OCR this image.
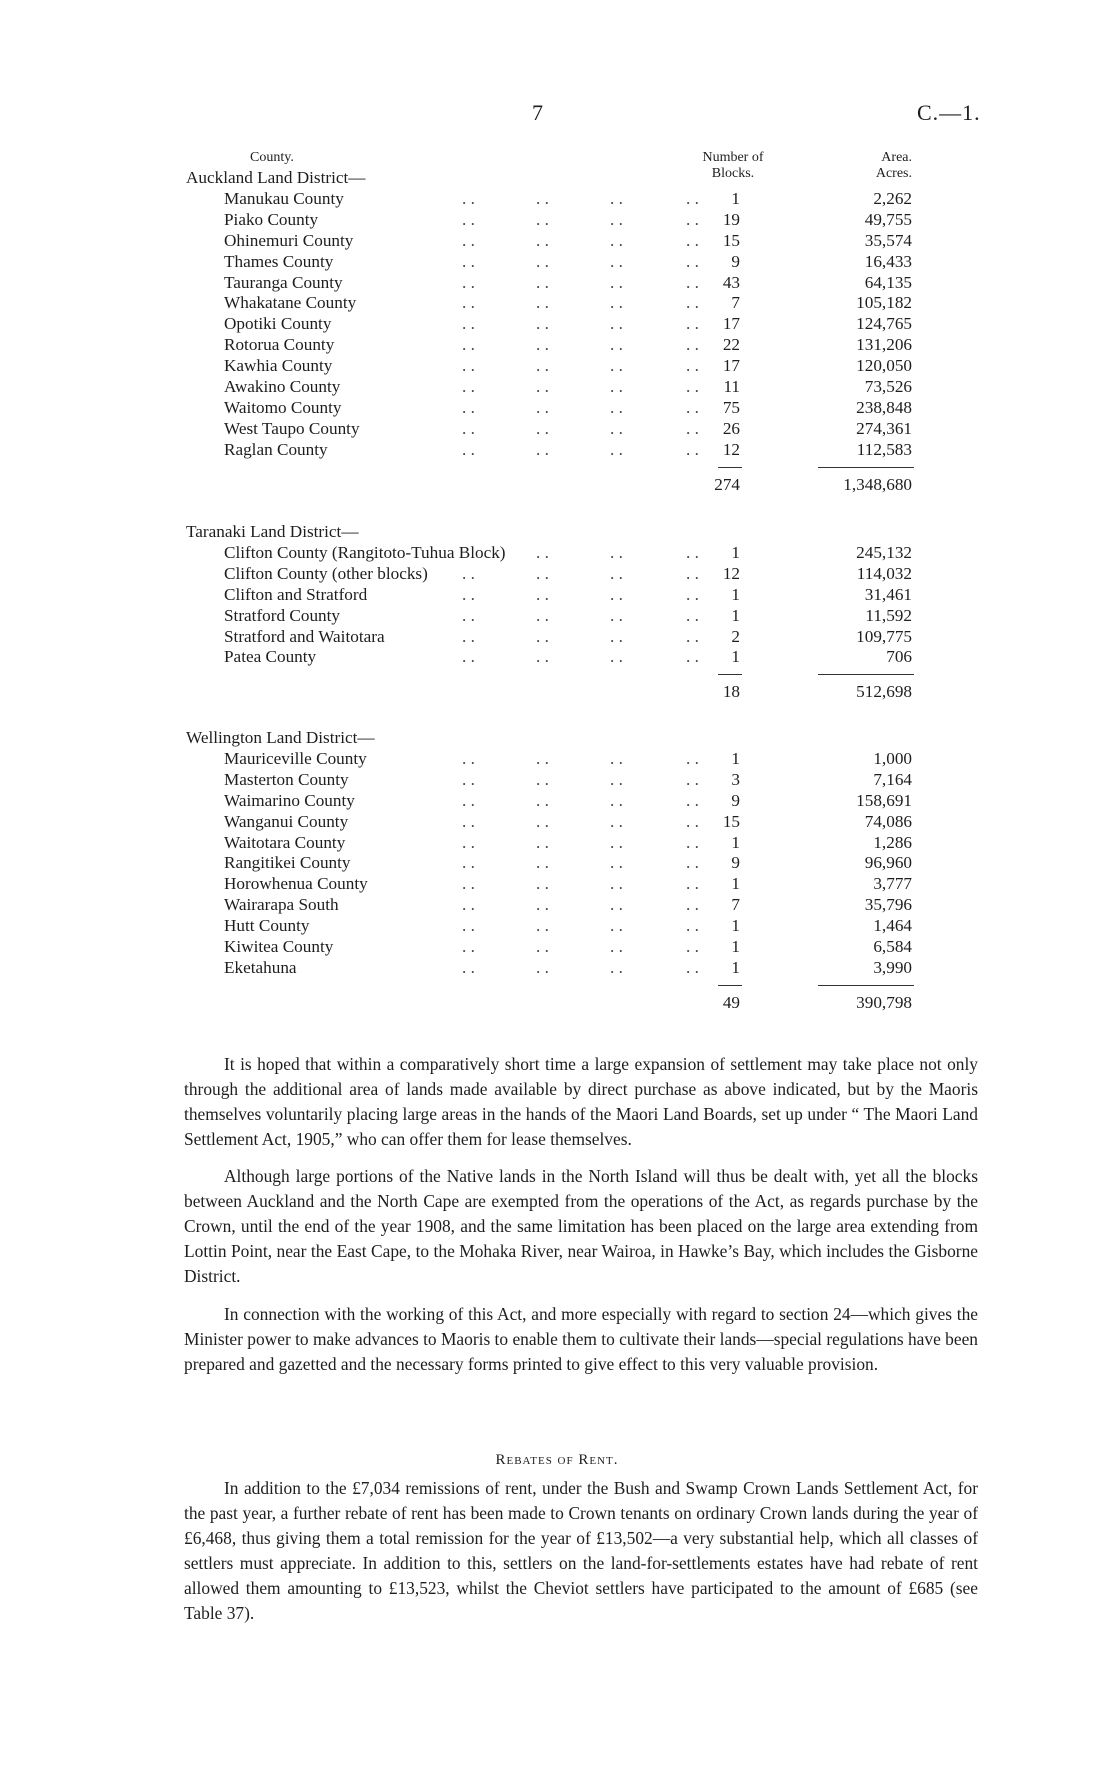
7	C.—1.
County.	Number of
Blocks.
Area.
Acres.
Auckland Land District—
Manukau County	. .	. .	. .	. .	1	2,262
Piako County	. .	. .	. .	. .	19	49,755
Ohinemuri County	. .	. .	. .	. .	15	35,574
Thames County	. .	. .	. .	. .	9	16,433
Tauranga County	. .	. .	. .	. .	43	64,135
Whakatane County	. .	. .	. .	. .	7	105,182
Opotiki County	. .	. .	. .	. .	17	124,765
Rotorua County	. .	. .	. .	. .	22	131,206
Kawhia County	. .	. .	. .	. .	17	120,050
Awakino County	. .	. .	. .	. .	11	73,526
Waitomo County	. .	. .	. .	. .	75	238,848
West Taupo County	. .	. .	. .	. .	26	274,361
Raglan County	. .	. .	. .	. .	12	112,583
274	1,348,680
Taranaki Land District—
Clifton County (Rangitoto-Tuhua Block) . .	. .	. .	1	245,132
Clifton County (other blocks) . .	. .	. .	. .	12	114,032
Clifton and Stratford	. .	. .	. .	. .	1	31,461
Stratford County	. .	. .	. .	. .	1	11,592
Stratford and Waitotara	. .	. .	. .	. .	2	109,775
Patea County	. .	. .	. .	. .	1	706
18	512,698
Wellington Land District—
Mauriceville County	. .	. .	. .	. .	1	1,000
Masterton County	. .	. .	. .	. .	3	7,164
Waimarino County	. .	. .	. .	. .	9	158,691
Wanganui County	. .	. .	. .	. .	15	74,086
Waitotara County	. .	. .	. .	. .	1	1,286
Rangitikei County	. .	. .	. .	. .	9	96,960
Horowhenua County	. .	. .	. .	. .	1	3,777
Wairarapa South	. .	. .	. .	. .	7	35,796
Hutt County	. .	. .	. .	. .	1	1,464
Kiwitea County	. .	. .	. .	. .	1	6,584
Eketahuna	. .	. .	. .	. .	1	3,990
49	390,798

It is hoped that within a comparatively short time a large expansion of settlement may take place not only through the additional area of lands made available by direct purchase as above indicated, but by the Maoris themselves voluntarily placing large areas in the hands of the Maori Land Boards, set up under “ The Maori Land Settlement Act, 1905,” who can offer them for lease themselves.

Although large portions of the Native lands in the North Island will thus be dealt with, yet all the blocks between Auckland and the North Cape are exempted from the operations of the Act, as regards purchase by the Crown, until the end of the year 1908, and the same limitation has been placed on the large area extending from Lottin Point, near the East Cape, to the Mohaka River, near Wairoa, in Hawke’s Bay, which includes the Gisborne District.

In connection with the working of this Act, and more especially with regard to section 24—which gives the Minister power to make advances to Maoris to enable them to cultivate their lands—special regulations have been prepared and gazetted and the necessary forms printed to give effect to this very valuable provision.

Rebates of Rent.

In addition to the £7,034 remissions of rent, under the Bush and Swamp Crown Lands Settlement Act, for the past year, a further rebate of rent has been made to Crown tenants on ordinary Crown lands during the year of £6,468, thus giving them a total remission for the year of £13,502—a very substantial help, which all classes of settlers must appreciate. In addition to this, settlers on the land-for-settlements estates have had rebate of rent allowed them amounting to £13,523, whilst the Cheviot settlers have participated to the amount of £685 (see Table 37).
